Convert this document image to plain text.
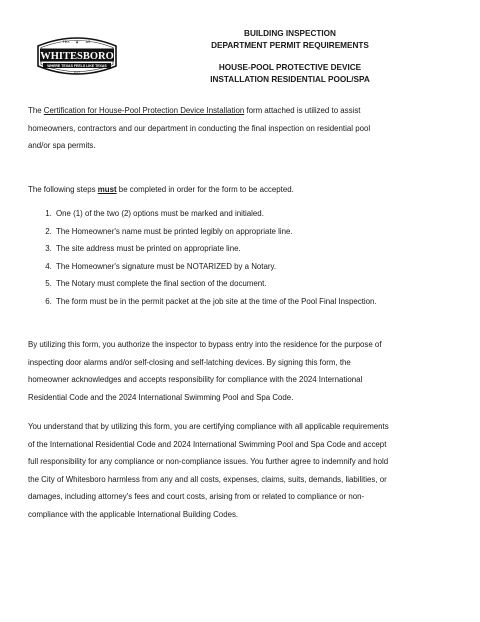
WHITESBORO
TEX	AS
★
WHERE TEXAS FEELS LIKE TEXAS
EST
BUILDING INSPECTION
DEPARTMENT PERMIT REQUIREMENTS
HOUSE-POOL PROTECTIVE DEVICE
INSTALLATION RESIDENTIAL POOL/SPA

The Certification for House-Pool Protection Device Installation form attached is utilized to assist

homeowners, contractors and our department in conducting the final inspection on residential pool

and/or spa permits.

The following steps must be completed in order for the form to be accepted.

1. One (1) of the two (2) options must be marked and initialed.
2. The Homeowner's name must be printed legibly on appropriate line.
3. The site address must be printed on appropriate line.
4. The Homeowner's signature must be NOTARIZED by a Notary.
5. The Notary must complete the final section of the document.
6. The form must be in the permit packet at the job site at the time of the Pool Final Inspection.

By utilizing this form, you authorize the inspector to bypass entry into the residence for the purpose of

inspecting door alarms and/or self-closing and self-latching devices. By signing this form, the

homeowner acknowledges and accepts responsibility for compliance with the 2024 International

Residential Code and the 2024 International Swimming Pool and Spa Code.

You understand that by utilizing this form, you are certifying compliance with all applicable requirements

of the International Residential Code and 2024 International Swimming Pool and Spa Code and accept

full responsibility for any compliance or non-compliance issues. You further agree to indemnify and hold

the City of Whitesboro harmless from any and all costs, expenses, claims, suits, demands, liabilities, or

damages, including attorney's fees and court costs, arising from or related to compliance or non-

compliance with the applicable International Building Codes.
